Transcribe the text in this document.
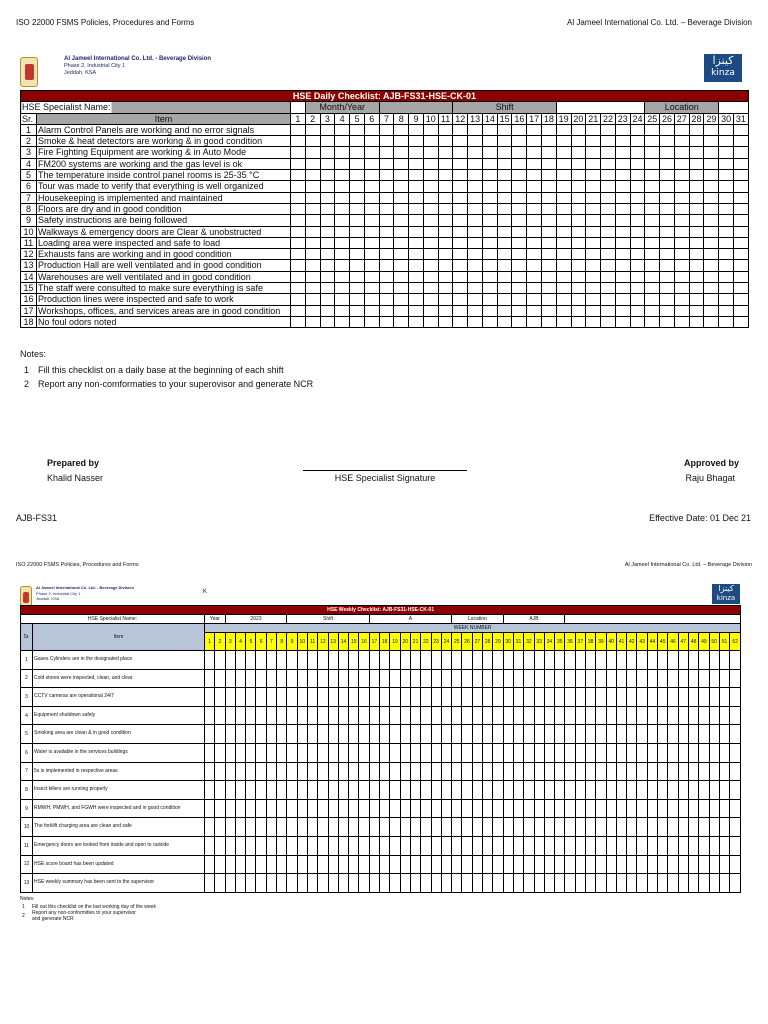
ISO 22000 FSMS Policies, Procedures and Forms	Al Jameel International Co. Ltd. – Beverage Division
Al Jameel International Co. Ltd. - Beverage Division
Phase 2, Industrial City 1
Jeddah, KSA
كينزا
kinza
HSE Daily Checklist: AJB-FS31-HSE-CK-01																																
HSE Specialist Name:			Month/Year										Shift													Location						
Sr.	Item	1	2	3	4	5	6	7	8	9	10	11	12	13	14	15	16	17	18	19	20	21	22	23	24	25	26	27	28	29	30	31
1	Alarm Control Panels are working and no error signals																															
2	Smoke & heat detectors are working & in good condition																															
3	Fire Fighting Equipment are working & in Auto Mode																															
4	FM200 systems are working and the gas level is ok																															
5	The temperature inside control panel rooms is 25-35 °C																															
6	Tour was made to verify that everything is well organized																															
7	Housekeeping is implemented and maintained																															
8	Floors are dry and in good condition																															
9	Safety instructions are being followed																															
10	Walkways & emergency doors are Clear & unobstructed																															
11	Loading area were inspected and safe to load																															
12	Exhausts fans are working and in good condition																															
13	Production Hall are well ventilated and in good condition																															
14	Warehouses are well ventilated and in good condition																															
15	The staff were consulted to make sure everything is safe																															
16	Production lines were inspected and safe to work																															
17	Workshops, offices, and services areas are in good condition																															
18	No foul odors noted																															
Notes:
1 Fill this checklist on a daily base at the beginning of each shift
2 Report any non-comformaties to your superovisor and generate NCR
Prepared by
Khalid Nasser	HSE Specialist Signature
Approved by
Raju Bhagat
AJB-FS31	Effective Date: 01 Dec 21
ISO 22000 FSMS Policies, Procedures and Forms	Al Jameel International Co. Ltd. – Beverage Division
Al Jameel International Co. Ltd. - Beverage Division
Phase 2, Industrial City 1
Jeddah, KSA
K	كينزا
kinza
HSE Weekly Checklist: AJB-FS31-HSE-CK-01																																																					
HSE Specialist Name:		Year		2023						Shift								A								Location					AJB																						
Sr.	Item	WEEK NUMBER																																																			
		1	2	3	4	5	6	7	8	9	10	11	12	13	14	15	16	17	18	19	20	21	22	23	24	25	26	27	28	29	30	31	32	33	34	35	36	37	38	39	40	41	42	43	44	45	46	47	48	49	50	51	52
1	Gases Cylinders are in the designated place																																																				
2	Cold stores were inspected, clean, and clear																																																				
3	CCTV cameras are operational 24/7																																																				
4	Equipment shutdown safely																																																				
5	Smoking area are clean & in good condition																																																				
6	Water is available in the services buildings																																																				
7	5s is implemented in respective areas																																																				
8	Insect killers are running properly																																																				
9	RMWH, PMWH, and FGWH were inspected and in good condition																																																				
10	The forklift charging area are clean and safe																																																				
11	Emergency doors are looked from inside and open to outside																																																				
12	HSE score board has been updated																																																				
13	HSE weekly summary has been sent to the supervisor																																																				
Notes:
1 Fill out this checklist on the last working day of the week
2	Report any non-conformities to your supervisor and generate NCR
